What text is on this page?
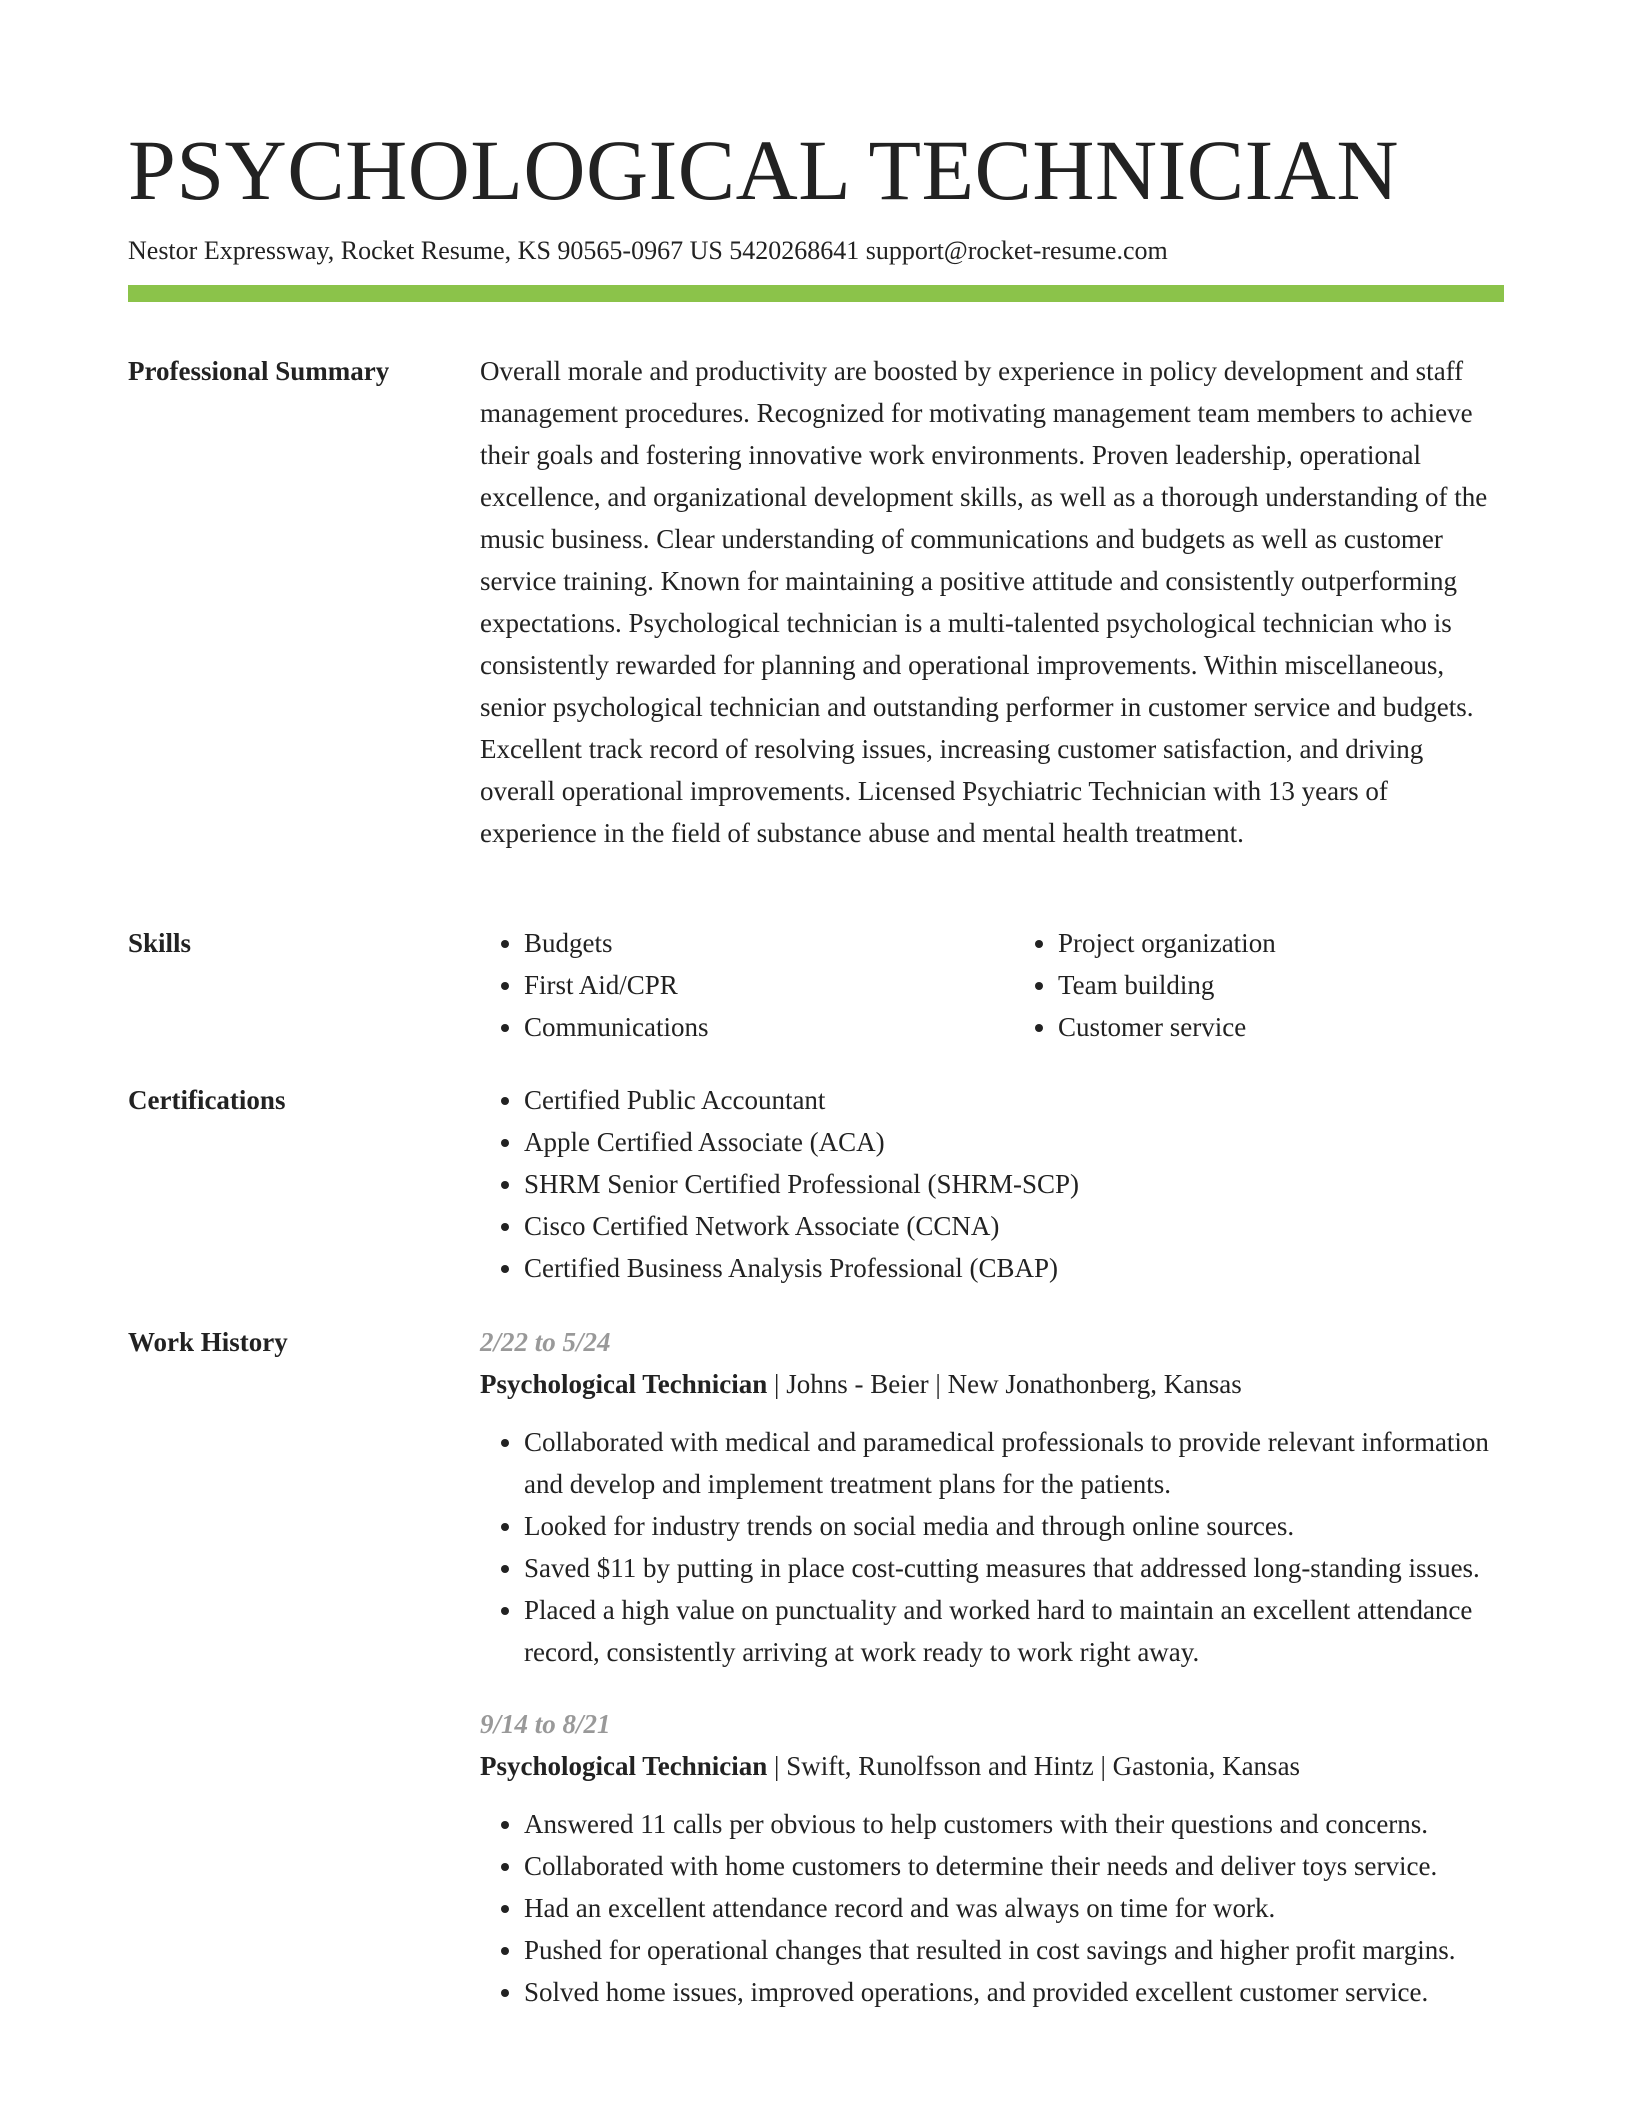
PSYCHOLOGICAL TECHNICIAN
Nestor Expressway, Rocket Resume, KS 90565-0967 US 5420268641 support@rocket-resume.com
Professional Summary	Overall morale and productivity are boosted by experience in policy development and staff management procedures. Recognized for motivating management team members to achieve their goals and fostering innovative work environments. Proven leadership, operational excellence, and organizational development skills, as well as a thorough understanding of the music business. Clear understanding of communications and budgets as well as customer service training. Known for maintaining a positive attitude and consistently outperforming expectations. Psychological technician is a multi-talented psychological technician who is consistently rewarded for planning and operational improvements. Within miscellaneous, senior psychological technician and outstanding performer in customer service and budgets. Excellent track record of resolving issues, increasing customer satisfaction, and driving overall operational improvements. Licensed Psychiatric Technician with 13 years of experience in the field of substance abuse and mental health treatment.

Skills	• Budgets
• First Aid/CPR
• Communications
• Project organization
• Team building
• Customer service
Certifications	• Certified Public Accountant
• Apple Certified Associate (ACA)
• SHRM Senior Certified Professional (SHRM-SCP)
• Cisco Certified Network Associate (CCNA)
• Certified Business Analysis Professional (CBAP)
Work History	2/22 to 5/24
Psychological Technician | Johns - Beier | New Jonathonberg, Kansas
• Collaborated with medical and paramedical professionals to provide relevant information and develop and implement treatment plans for the patients.
• Looked for industry trends on social media and through online sources.
• Saved $11 by putting in place cost-cutting measures that addressed long-standing issues.
• Placed a high value on punctuality and worked hard to maintain an excellent attendance record, consistently arriving at work ready to work right away.
9/14 to 8/21
Psychological Technician | Swift, Runolfsson and Hintz | Gastonia, Kansas
• Answered 11 calls per obvious to help customers with their questions and concerns.
• Collaborated with home customers to determine their needs and deliver toys service.
• Had an excellent attendance record and was always on time for work.
• Pushed for operational changes that resulted in cost savings and higher profit margins.
• Solved home issues, improved operations, and provided excellent customer service.
